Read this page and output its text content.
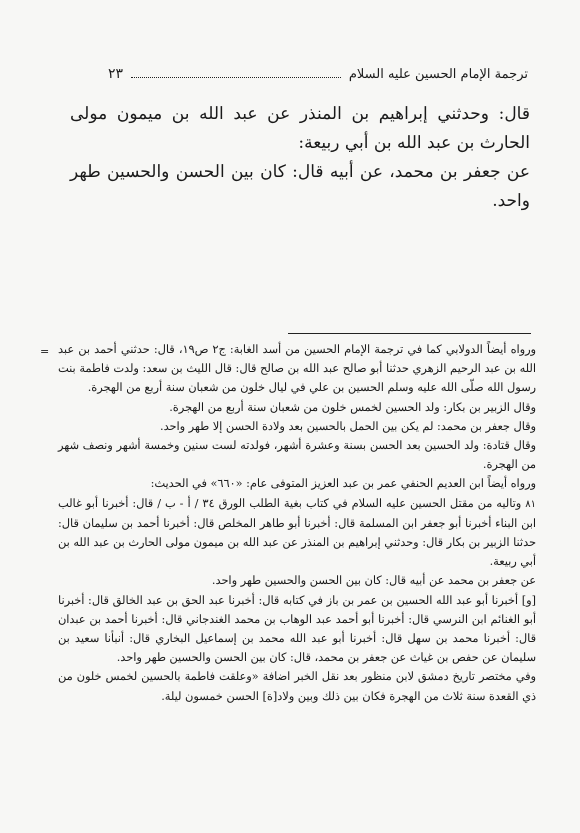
ترجمة الإمام الحسين عليه السلام
٢٣

قال: وحدثني إبراهيم بن المنذر عن عبد الله بن ميمون مولى الحارث بن عبد الله بن أبي ربيعة:

عن جعفر بن محمد، عن أبيه قال: كان بين الحسن والحسين طهر واحد.

= ورواه أيضاً الدولابي كما في ترجمة الإمام الحسين من أسد الغابة: ج٢ ص١٩، قال: حدثني أحمد بن عبد الله بن عبد الرحيم الزهري حدثنا أبو صالح عبد الله بن صالح قال: قال الليث بن سعد: ولدت فاطمة بنت رسول الله صلّى الله عليه وسلم الحسين بن علي في ليال خلون من شعبان سنة أربع من الهجرة.

وقال الزبير بن بكار: ولد الحسين لخمس خلون من شعبان سنة أربع من الهجرة.

وقال جعفر بن محمد: لم يكن بين الحمل بالحسين بعد ولادة الحسن إلا طهر واحد.

وقال قتادة: ولد الحسين بعد الحسن بسنة وعشرة أشهر، فولدته لست سنين وخمسة أشهر ونصف شهر من الهجرة.

ورواه أيضاً ابن العديم الحنفي عمر بن عبد العزيز المتوفى عام: «٦٦٠» في الحديث:

٨١وتاليه من مقتل الحسين عليه السلام في كتاب بغية الطلب الورق ٣٤ / أ - ب / قال: أخبرنا أبو غالب ابن البناء أخبرنا أبو جعفر ابن المسلمة قال: أخبرنا أبو طاهر المخلص قال: أخبرنا أحمد بن سليمان قال: حدثنا الزبير بن بكار قال: وحدثني إبراهيم بن المنذر عن عبد الله بن ميمون مولى الحارث بن عبد الله بن أبي ربيعة.

عن جعفر بن محمد عن أبيه قال: كان بين الحسن والحسين طهر واحد.

[و] أخبرنا أبو عبد الله الحسين بن عمر بن باز في كتابه قال: أخبرنا عبد الحق بن عبد الخالق قال: أخبرنا أبو الغنائم ابن النرسي قال: أخبرنا أبو أحمد عبد الوهاب بن محمد الغندجاني قال: أخبرنا أحمد بن عبدان قال: أخبرنا محمد بن سهل قال: أخبرنا أبو عبد الله محمد بن إسماعيل البخاري قال: أنبأنا سعيد بن سليمان عن حفص بن غياث عن جعفر بن محمد، قال: كان بين الحسن والحسين طهر واحد.

وفي مختصر تاريخ دمشق لابن منظور بعد نقل الخبر اضافة «وعلقت فاطمة بالحسين لخمس خلون من ذي القعدة سنة ثلاث من الهجرة فكان بين ذلك وبين ولاد[ة] الحسن خمسون ليلة.
